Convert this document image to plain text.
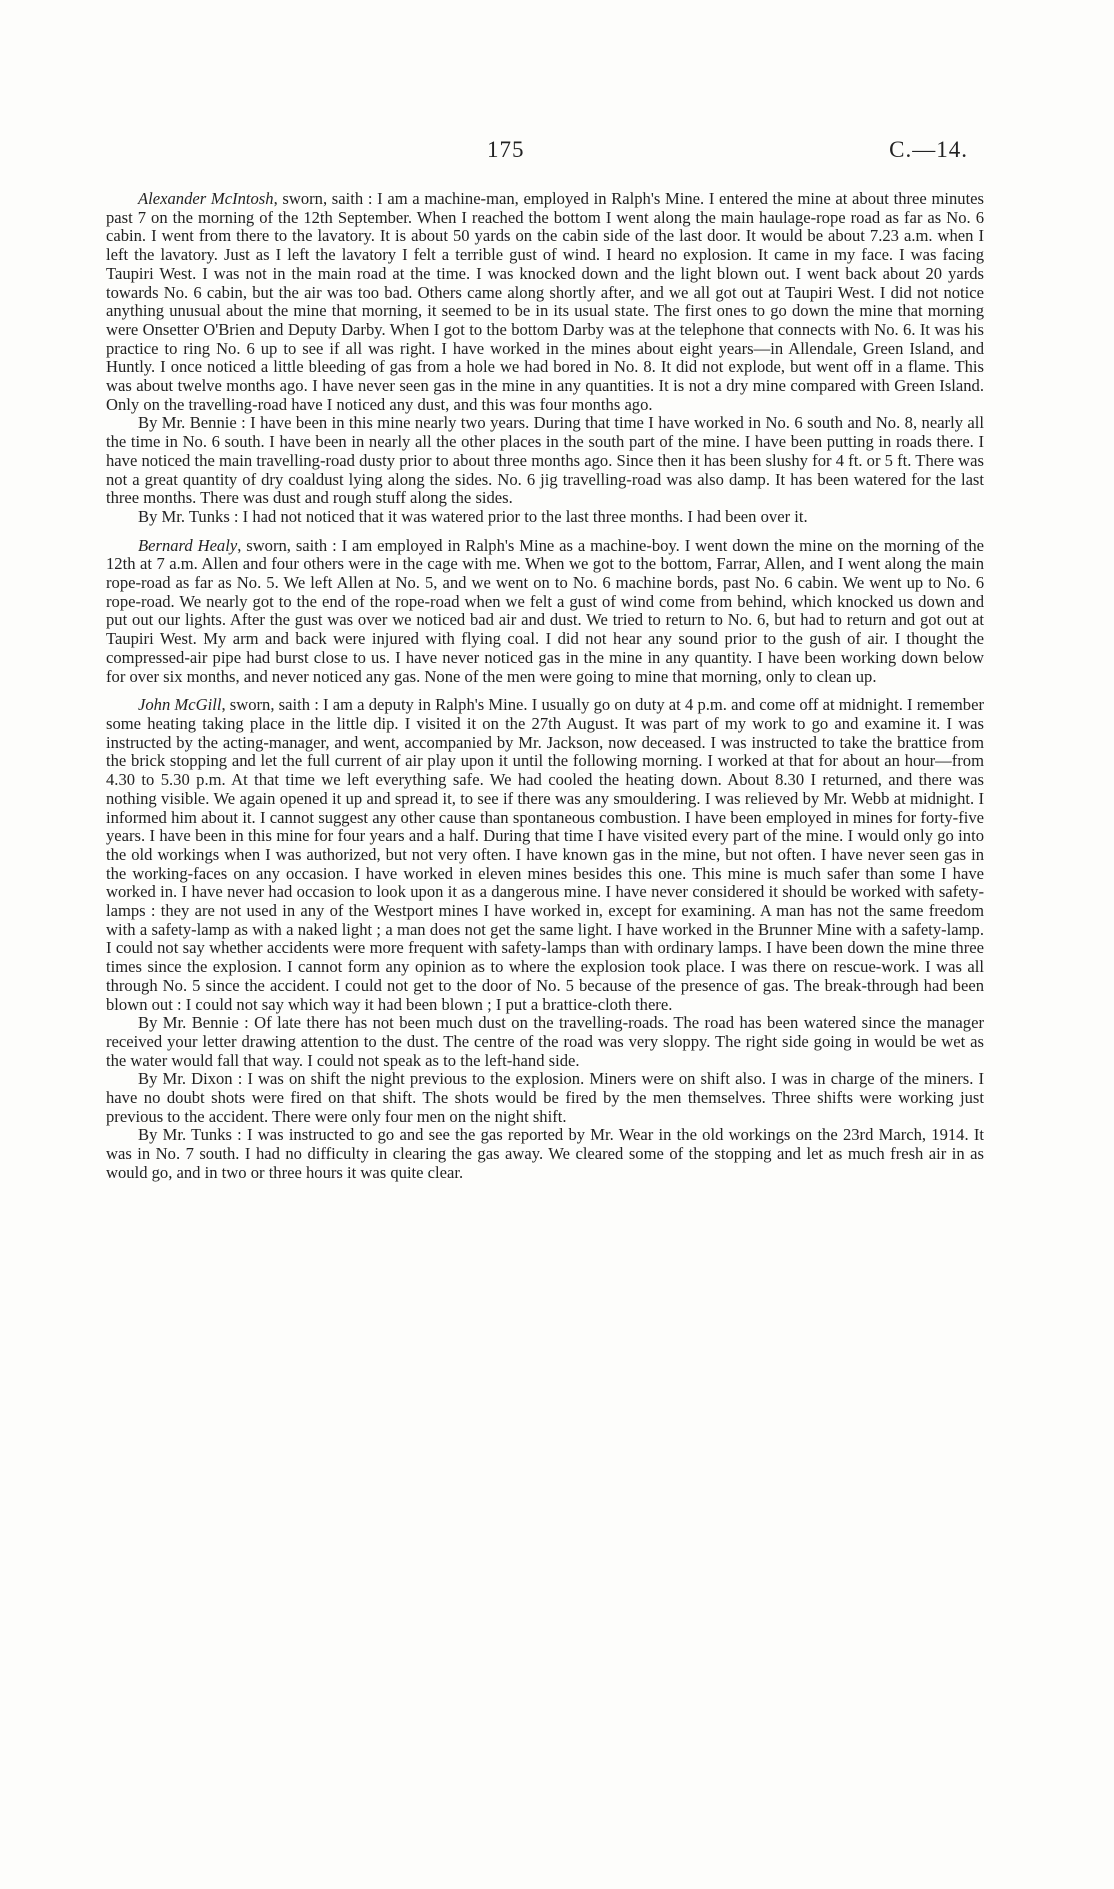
175	C.—14.

Alexander McIntosh, sworn, saith : I am a machine-man, employed in Ralph's Mine. I entered the mine at about three minutes past 7 on the morning of the 12th September. When I reached the bottom I went along the main haulage-rope road as far as No. 6 cabin. I went from there to the lavatory. It is about 50 yards on the cabin side of the last door. It would be about 7.23 a.m. when I left the lavatory. Just as I left the lavatory I felt a terrible gust of wind. I heard no explosion. It came in my face. I was facing Taupiri West. I was not in the main road at the time. I was knocked down and the light blown out. I went back about 20 yards towards No. 6 cabin, but the air was too bad. Others came along shortly after, and we all got out at Taupiri West. I did not notice anything unusual about the mine that morning, it seemed to be in its usual state. The first ones to go down the mine that morning were Onsetter O'Brien and Deputy Darby. When I got to the bottom Darby was at the telephone that connects with No. 6. It was his practice to ring No. 6 up to see if all was right. I have worked in the mines about eight years—in Allendale, Green Island, and Huntly. I once noticed a little bleeding of gas from a hole we had bored in No. 8. It did not explode, but went off in a flame. This was about twelve months ago. I have never seen gas in the mine in any quantities. It is not a dry mine compared with Green Island. Only on the travelling-road have I noticed any dust, and this was four months ago.

By Mr. Bennie : I have been in this mine nearly two years. During that time I have worked in No. 6 south and No. 8, nearly all the time in No. 6 south. I have been in nearly all the other places in the south part of the mine. I have been putting in roads there. I have noticed the main travelling-road dusty prior to about three months ago. Since then it has been slushy for 4 ft. or 5 ft. There was not a great quantity of dry coaldust lying along the sides. No. 6 jig travelling-road was also damp. It has been watered for the last three months. There was dust and rough stuff along the sides.

By Mr. Tunks : I had not noticed that it was watered prior to the last three months. I had been over it.

Bernard Healy, sworn, saith : I am employed in Ralph's Mine as a machine-boy. I went down the mine on the morning of the 12th at 7 a.m. Allen and four others were in the cage with me. When we got to the bottom, Farrar, Allen, and I went along the main rope-road as far as No. 5. We left Allen at No. 5, and we went on to No. 6 machine bords, past No. 6 cabin. We went up to No. 6 rope-road. We nearly got to the end of the rope-road when we felt a gust of wind come from behind, which knocked us down and put out our lights. After the gust was over we noticed bad air and dust. We tried to return to No. 6, but had to return and got out at Taupiri West. My arm and back were injured with flying coal. I did not hear any sound prior to the gush of air. I thought the compressed-air pipe had burst close to us. I have never noticed gas in the mine in any quantity. I have been working down below for over six months, and never noticed any gas. None of the men were going to mine that morning, only to clean up.

John McGill, sworn, saith : I am a deputy in Ralph's Mine. I usually go on duty at 4 p.m. and come off at midnight. I remember some heating taking place in the little dip. I visited it on the 27th August. It was part of my work to go and examine it. I was instructed by the acting-manager, and went, accompanied by Mr. Jackson, now deceased. I was instructed to take the brattice from the brick stopping and let the full current of air play upon it until the following morning. I worked at that for about an hour—from 4.30 to 5.30 p.m. At that time we left everything safe. We had cooled the heating down. About 8.30 I returned, and there was nothing visible. We again opened it up and spread it, to see if there was any smouldering. I was relieved by Mr. Webb at midnight. I informed him about it. I cannot suggest any other cause than spontaneous combustion. I have been employed in mines for forty-five years. I have been in this mine for four years and a half. During that time I have visited every part of the mine. I would only go into the old workings when I was authorized, but not very often. I have known gas in the mine, but not often. I have never seen gas in the working-faces on any occasion. I have worked in eleven mines besides this one. This mine is much safer than some I have worked in. I have never had occasion to look upon it as a dangerous mine. I have never considered it should be worked with safety-lamps : they are not used in any of the Westport mines I have worked in, except for examining. A man has not the same freedom with a safety-lamp as with a naked light ; a man does not get the same light. I have worked in the Brunner Mine with a safety-lamp. I could not say whether accidents were more frequent with safety-lamps than with ordinary lamps. I have been down the mine three times since the explosion. I cannot form any opinion as to where the explosion took place. I was there on rescue-work. I was all through No. 5 since the accident. I could not get to the door of No. 5 because of the presence of gas. The break-through had been blown out : I could not say which way it had been blown ; I put a brattice-cloth there.

By Mr. Bennie : Of late there has not been much dust on the travelling-roads. The road has been watered since the manager received your letter drawing attention to the dust. The centre of the road was very sloppy. The right side going in would be wet as the water would fall that way. I could not speak as to the left-hand side.

By Mr. Dixon : I was on shift the night previous to the explosion. Miners were on shift also. I was in charge of the miners. I have no doubt shots were fired on that shift. The shots would be fired by the men themselves. Three shifts were working just previous to the accident. There were only four men on the night shift.

By Mr. Tunks : I was instructed to go and see the gas reported by Mr. Wear in the old workings on the 23rd March, 1914. It was in No. 7 south. I had no difficulty in clearing the gas away. We cleared some of the stopping and let as much fresh air in as would go, and in two or three hours it was quite clear.
